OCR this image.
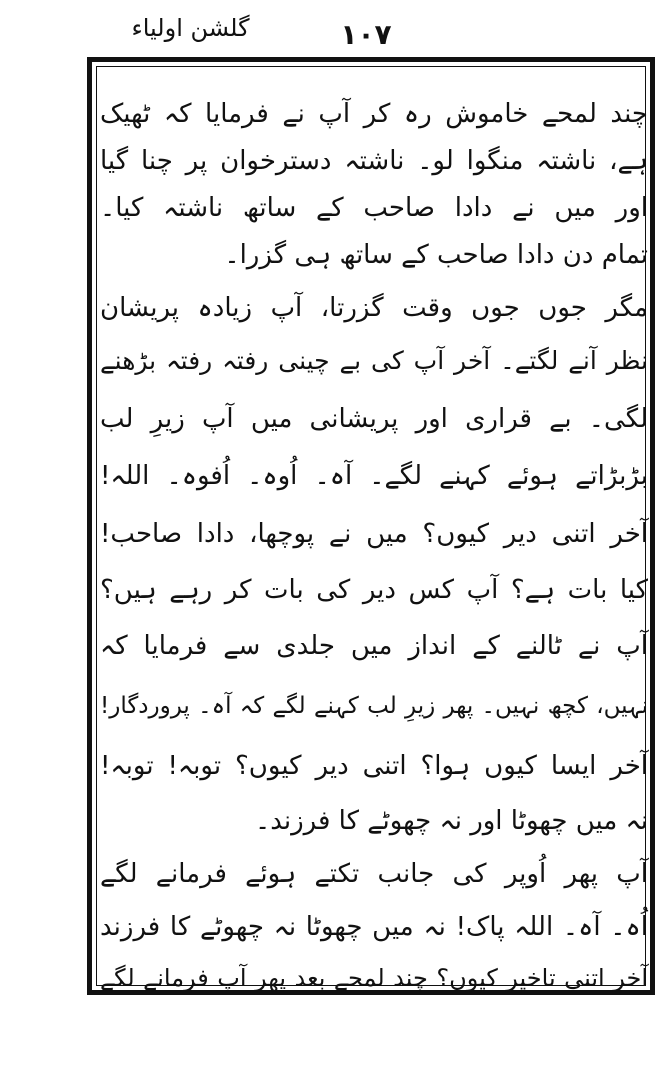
گلشن اولیاء	۱۰۷
چند لمحے خاموش رہ کر آپ نے فرمایا کہ ٹھیک
ہے، ناشتہ منگوا لو۔ ناشتہ دسترخوان پر چنا گیا
اور میں نے دادا صاحب کے ساتھ ناشتہ کیا۔
تمام دن دادا صاحب کے ساتھ ہی گزرا۔
مگر جوں جوں وقت گزرتا، آپ زیادہ پریشان
نظر آنے لگتے۔ آخر آپ کی بے چینی رفتہ رفتہ بڑھنے
لگی۔ بے قراری اور پریشانی میں آپ زیرِ لب
بڑبڑاتے ہوئے کہنے لگے۔ آہ۔ اُوہ۔ اُفوہ۔ اللہ!
آخر اتنی دیر کیوں؟ میں نے پوچھا، دادا صاحب!
کیا بات ہے؟ آپ کس دیر کی بات کر رہے ہیں؟
آپ نے ٹالنے کے انداز میں جلدی سے فرمایا کہ
نہیں، کچھ نہیں۔ پھر زیرِ لب کہنے لگے کہ آہ۔ پروردگار!
آخر ایسا کیوں ہوا؟ اتنی دیر کیوں؟ توبہ! توبہ!
نہ میں چھوٹا اور نہ چھوٹے کا فرزند۔
آپ پھر اُوپر کی جانب تکتے ہوئے فرمانے لگے
اُہ۔ آہ۔ اللہ پاک! نہ میں چھوٹا نہ چھوٹے کا فرزند
آخر اتنی تاخیر کیوں؟ چند لمحے بعد پھر آپ فرمانے لگے
